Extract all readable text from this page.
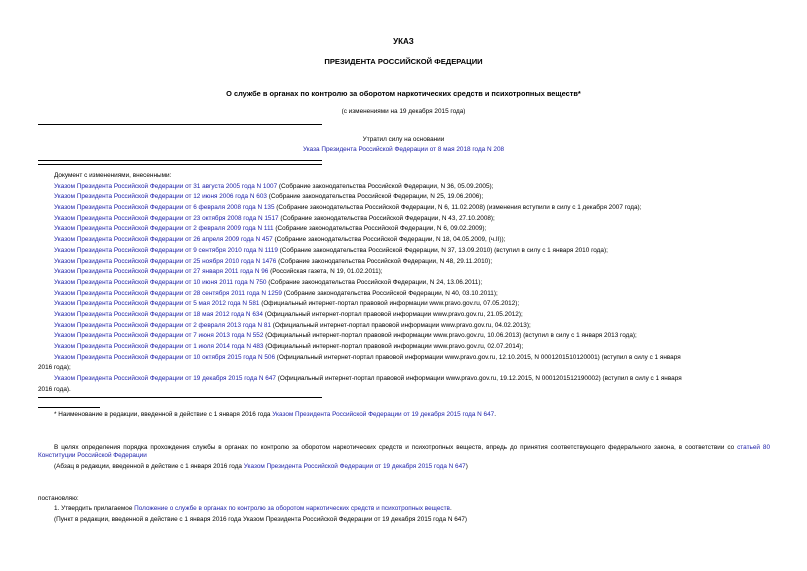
УКАЗ
ПРЕЗИДЕНТА РОССИЙСКОЙ ФЕДЕРАЦИИ
О службе в органах по контролю за оборотом наркотических средств и психотропных веществ*
(с изменениями на 19 декабря 2015 года)
Утратил силу на основании
Указа Президента Российской Федерации от 8 мая 2018 года N 208
Документ с изменениями, внесенными:
Указом Президента Российской Федерации от 31 августа 2005 года N 1007 (Собрание законодательства Российской Федерации, N 36, 05.09.2005);
Указом Президента Российской Федерации от 12 июня 2006 года N 603 (Собрание законодательства Российской Федерации, N 25, 19.06.2006);
Указом Президента Российской Федерации от 6 февраля 2008 года N 135 (Собрание законодательства Российской Федерации, N 6, 11.02.2008) (изменения вступили в силу с 1 декабря 2007 года);
Указом Президента Российской Федерации от 23 октября 2008 года N 1517 (Собрание законодательства Российской Федерации, N 43, 27.10.2008);
Указом Президента Российской Федерации от 2 февраля 2009 года N 111 (Собрание законодательства Российской Федерации, N 6, 09.02.2009);
Указом Президента Российской Федерации от 26 апреля 2009 года N 457 (Собрание законодательства Российской Федерации, N 18, 04.05.2009, (ч.II));
Указом Президента Российской Федерации от 9 сентября 2010 года N 1119 (Собрание законодательства Российской Федерации, N 37, 13.09.2010) (вступил в силу с 1 января 2010 года);
Указом Президента Российской Федерации от 25 ноября 2010 года N 1476 (Собрание законодательства Российской Федерации, N 48, 29.11.2010);
Указом Президента Российской Федерации от 27 января 2011 года N 96 (Российская газета, N 19, 01.02.2011);
Указом Президента Российской Федерации от 10 июня 2011 года N 750 (Собрание законодательства Российской Федерации, N 24, 13.06.2011);
Указом Президента Российской Федерации от 28 сентября 2011 года N 1259 (Собрание законодательства Российской Федерации, N 40, 03.10.2011);
Указом Президента Российской Федерации от 5 мая 2012 года N 581 (Официальный интернет-портал правовой информации www.pravo.gov.ru, 07.05.2012);
Указом Президента Российской Федерации от 18 мая 2012 года N 634 (Официальный интернет-портал правовой информации www.pravo.gov.ru, 21.05.2012);
Указом Президента Российской Федерации от 2 февраля 2013 года N 81 (Официальный интернет-портал правовой информации www.pravo.gov.ru, 04.02.2013);
Указом Президента Российской Федерации от 7 июня 2013 года N 552 (Официальный интернет-портал правовой информации www.pravo.gov.ru, 10.06.2013) (вступил в силу с 1 января 2013 года);
Указом Президента Российской Федерации от 1 июля 2014 года N 483 (Официальный интернет-портал правовой информации www.pravo.gov.ru, 02.07.2014);
Указом Президента Российской Федерации от 10 октября 2015 года N 506 (Официальный интернет-портал правовой информации www.pravo.gov.ru, 12.10.2015, N 0001201510120001) (вступил в силу с 1 января
2016 года);
Указом Президента Российской Федерации от 19 декабря 2015 года N 647 (Официальный интернет-портал правовой информации www.pravo.gov.ru, 19.12.2015, N 0001201512190002) (вступил в силу с 1 января
2016 года).
* Наименование в редакции, введенной в действие с 1 января 2016 года Указом Президента Российской Федерации от 19 декабря 2015 года N 647.
В целях определения порядка прохождения службы в органах по контролю за оборотом наркотических средств и психотропных веществ, впредь до принятия соответствующего федерального закона, в соответствии со статьей 80 Конституции Российской Федерации
(Абзац в редакции, введенной в действие с 1 января 2016 года Указом Президента Российской Федерации от 19 декабря 2015 года N 647)
постановляю:
1. Утвердить прилагаемое Положение о службе в органах по контролю за оборотом наркотических средств и психотропных веществ.
(Пункт в редакции, введенной в действие с 1 января 2016 года Указом Президента Российской Федерации от 19 декабря 2015 года N 647)
